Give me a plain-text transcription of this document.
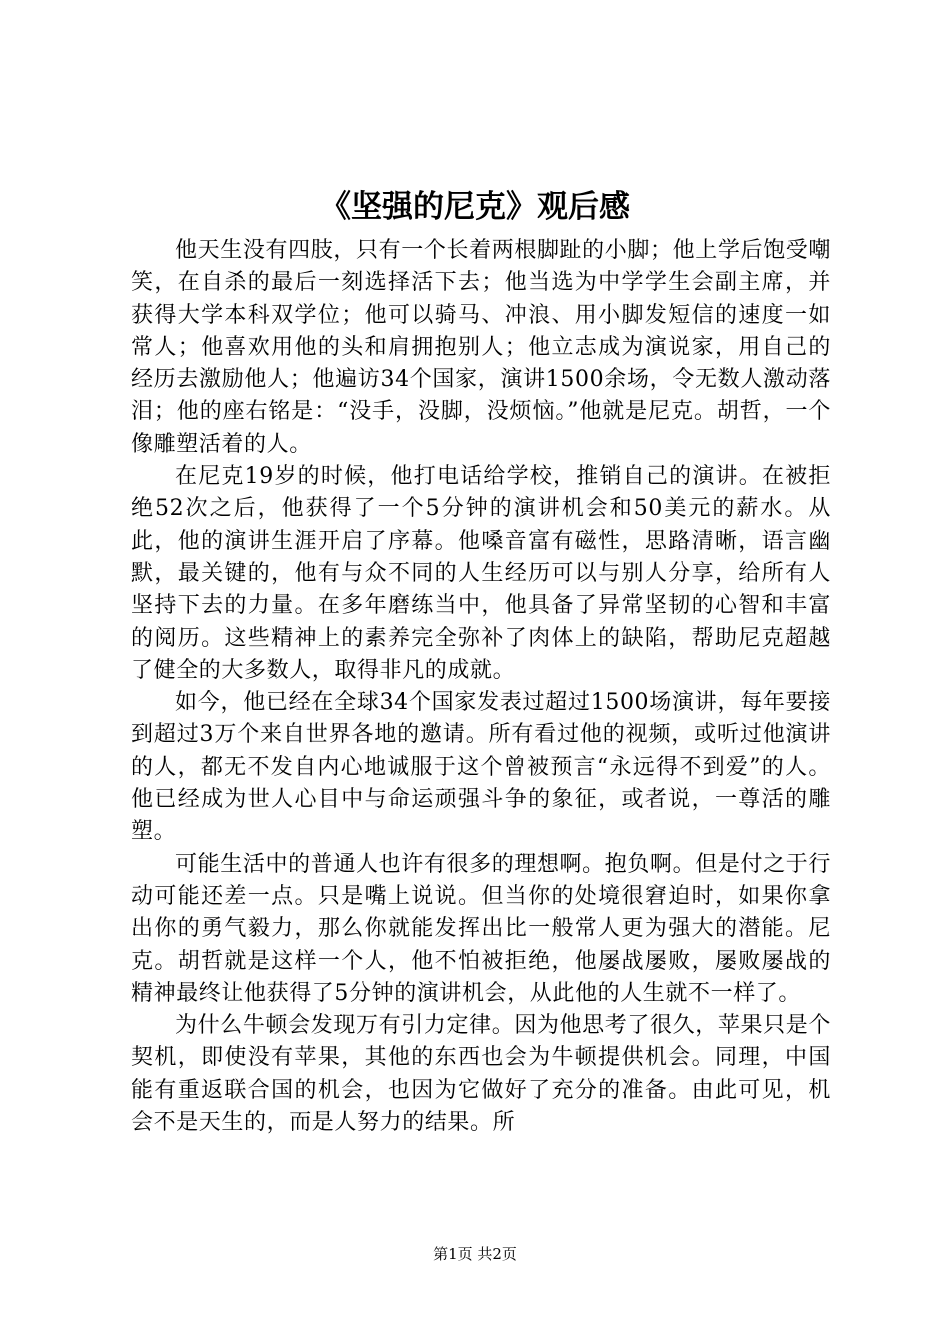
《坚强的尼克》观后感

他天生没有四肢，只有一个长着两根脚趾的小脚；他上学后饱受嘲笑，在自杀的最后一刻选择活下去；他当选为中学学生会副主席，并获得大学本科双学位；他可以骑马、冲浪、用小脚发短信的速度一如常人；他喜欢用他的头和肩拥抱别人；他立志成为演说家，用自己的经历去激励他人；他遍访34个国家，演讲1500余场，令无数人激动落泪；他的座右铭是：“没手，没脚，没烦恼。”他就是尼克。胡哲，一个像雕塑活着的人。

在尼克19岁的时候，他打电话给学校，推销自己的演讲。在被拒绝52次之后，他获得了一个5分钟的演讲机会和50美元的薪水。从此，他的演讲生涯开启了序幕。他嗓音富有磁性，思路清晰，语言幽默，最关键的，他有与众不同的人生经历可以与别人分享，给所有人坚持下去的力量。在多年磨练当中，他具备了异常坚韧的心智和丰富的阅历。这些精神上的素养完全弥补了肉体上的缺陷，帮助尼克超越了健全的大多数人，取得非凡的成就。

如今，他已经在全球34个国家发表过超过1500场演讲，每年要接到超过3万个来自世界各地的邀请。所有看过他的视频，或听过他演讲的人，都无不发自内心地诚服于这个曾被预言“永远得不到爱”的人。他已经成为世人心目中与命运顽强斗争的象征，或者说，一尊活的雕塑。

可能生活中的普通人也许有很多的理想啊。抱负啊。但是付之于行动可能还差一点。只是嘴上说说。但当你的处境很窘迫时，如果你拿出你的勇气毅力，那么你就能发挥出比一般常人更为强大的潜能。尼克。胡哲就是这样一个人，他不怕被拒绝，他屡战屡败，屡败屡战的精神最终让他获得了5分钟的演讲机会，从此他的人生就不一样了。

为什么牛顿会发现万有引力定律。因为他思考了很久，苹果只是个契机，即使没有苹果，其他的东西也会为牛顿提供机会。同理，中国能有重返联合国的机会，也因为它做好了充分的准备。由此可见，机会不是天生的，而是人努力的结果。所

第1页 共2页
